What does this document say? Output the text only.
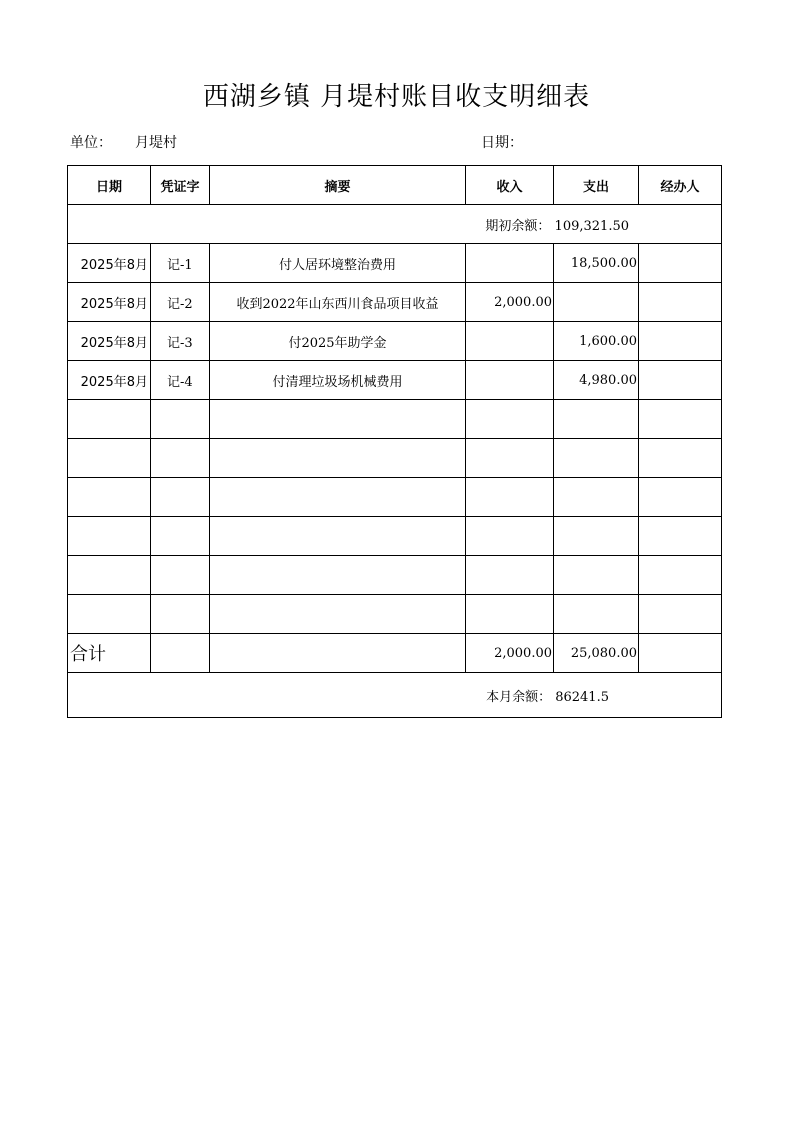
西湖乡镇 月堤村账目收支明细表
单位： 月堤村	日期：
日期	凭证字	摘要	收入	支出	经办人
期初余额： 109,321.50					
2025年8月	记-1	付人居环境整治费用		18,500.00	
2025年8月	记-2	收到2022年山东西川食品项目收益	2,000.00		
2025年8月	记-3	付2025年助学金		1,600.00	
2025年8月	记-4	付清理垃圾场机械费用		4,980.00	

合计			2,000.00	25,080.00	
本月余额： 86241.5					
